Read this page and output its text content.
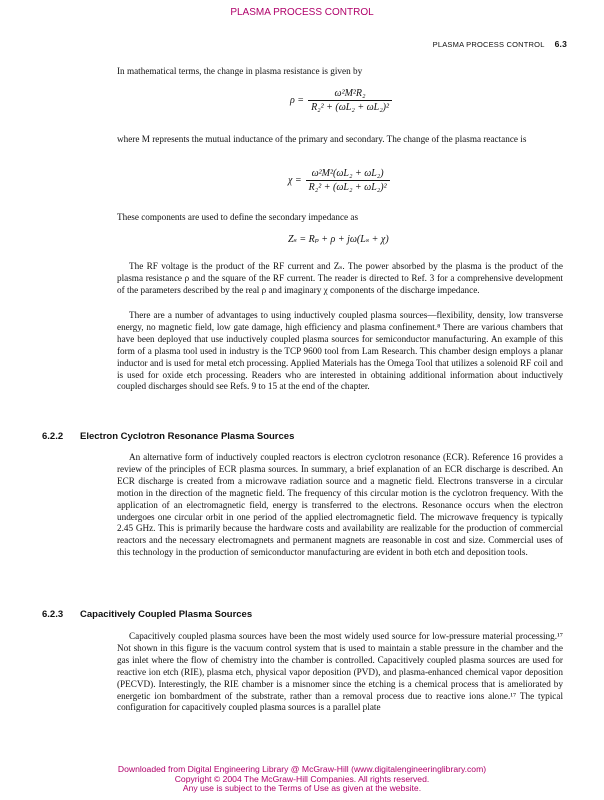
PLASMA PROCESS CONTROL
PLASMA PROCESS CONTROL 6.3
In mathematical terms, the change in plasma resistance is given by
$\rho = \frac{\text{ω²M²R₂}}{\text{R₂² + (ωL₂ + ωL₂)²}}$
where M represents the mutual inductance of the primary and secondary. The change of the plasma reactance is
$\chi = \frac{\text{ω²M²(ωL₂ + ωL₂)}}{\text{R₂² + (ωL₂ + ωL₂)²}}$
These components are used to define the secondary impedance as
Zₛ = Rₚ + ρ + jω(Lₛ + χ)
The RF voltage is the product of the RF current and Zₛ. The power absorbed by the plasma is the product of the plasma resistance ρ and the square of the RF current. The reader is directed to Ref. 3 for a comprehensive development of the parameters described by the real ρ and imaginary χ components of the discharge impedance.
There are a number of advantages to using inductively coupled plasma sources—flexibility, density, low transverse energy, no magnetic field, low gate damage, high efficiency and plasma confinement.⁸ There are various chambers that have been deployed that use inductively coupled plasma sources for semiconductor manufacturing. An example of this form of a plasma tool used in industry is the TCP 9600 tool from Lam Research. This chamber design employs a planar inductor and is used for metal etch processing. Applied Materials has the Omega Tool that utilizes a solenoid RF coil and is used for oxide etch processing. Readers who are interested in obtaining additional information about inductively coupled discharges should see Refs. 9 to 15 at the end of the chapter.
6.2.2 Electron Cyclotron Resonance Plasma Sources
An alternative form of inductively coupled reactors is electron cyclotron resonance (ECR). Reference 16 provides a review of the principles of ECR plasma sources. In summary, a brief explanation of an ECR discharge is described. An ECR discharge is created from a microwave radiation source and a magnetic field. Electrons transverse in a circular motion in the direction of the magnetic field. The frequency of this circular motion is the cyclotron frequency. With the application of an electromagnetic field, energy is transferred to the electrons. Resonance occurs when the electron undergoes one circular orbit in one period of the applied electromagnetic field. The microwave frequency is typically 2.45 GHz. This is primarily because the hardware costs and availability are realizable for the production of commercial reactors and the necessary electromagnets and permanent magnets are reasonable in cost and size. Commercial uses of this technology in the production of semiconductor manufacturing are evident in both etch and deposition tools.
6.2.3 Capacitively Coupled Plasma Sources
Capacitively coupled plasma sources have been the most widely used source for low-pressure material processing.¹⁷ Not shown in this figure is the vacuum control system that is used to maintain a stable pressure in the chamber and the gas inlet where the flow of chemistry into the chamber is controlled. Capacitively coupled plasma sources are used for reactive ion etch (RIE), plasma etch, physical vapor deposition (PVD), and plasma-enhanced chemical vapor deposition (PECVD). Interestingly, the RIE chamber is a misnomer since the etching is a chemical process that is ameliorated by energetic ion bombardment of the substrate, rather than a removal process due to reactive ions alone.¹⁷ The typical configuration for capacitively coupled plasma sources is a parallel plate
Downloaded from Digital Engineering Library @ McGraw-Hill (www.digitalengineeringlibrary.com)
Copyright © 2004 The McGraw-Hill Companies. All rights reserved.
Any use is subject to the Terms of Use as given at the website.
